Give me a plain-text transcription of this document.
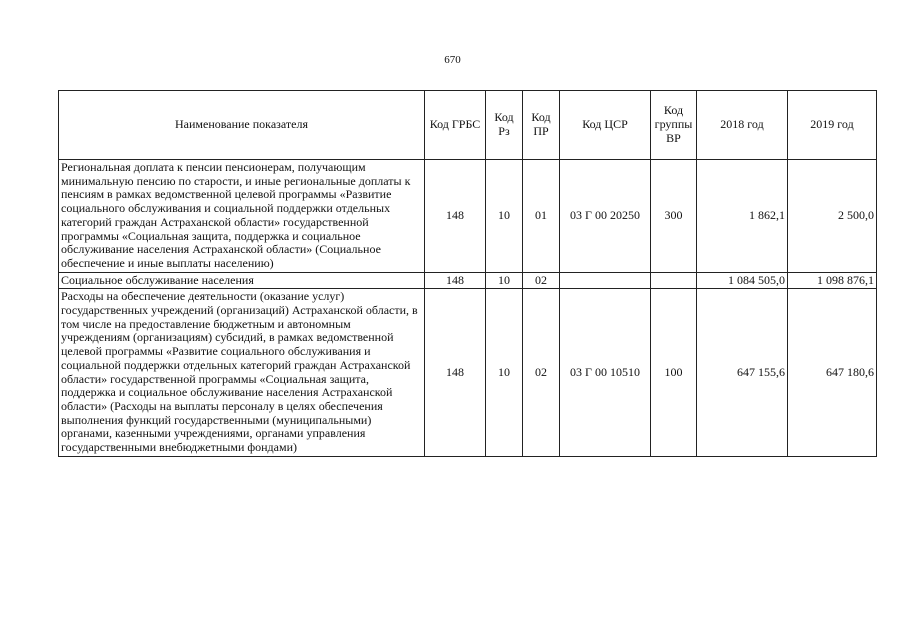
670
Наименование показателя	Код ГРБС	Код Рз	Код ПР	Код ЦСР	Код группы ВР	2018 год	2019 год
Региональная доплата к пенсии пенсионерам, получающим минимальную пенсию по старости, и иные региональные доплаты к пенсиям в рамках ведомственной целевой программы «Развитие социального обслуживания и социальной поддержки отдельных категорий граждан Астраханской области» государственной программы «Социальная защита, поддержка и социальное обслуживание населения Астраханской области» (Социальное обеспечение и иные выплаты населению)	148	10	01	03 Г 00 20250	300	1 862,1	2 500,0
Социальное обслуживание населения	148	10	02			1 084 505,0	1 098 876,1
Расходы на обеспечение деятельности (оказание услуг) государственных учреждений (организаций) Астраханской области, в том числе на предоставление бюджетным и автономным учреждениям (организациям) субсидий, в рамках ведомственной целевой программы «Развитие социального обслуживания и социальной поддержки отдельных категорий граждан Астраханской области» государственной программы «Социальная защита, поддержка и социальное обслуживание населения Астраханской области» (Расходы на выплаты персоналу в целях обеспечения выполнения функций государственными (муниципальными) органами, казенными учреждениями, органами управления государственными внебюджетными фондами)	148	10	02	03 Г 00 10510	100	647 155,6	647 180,6
